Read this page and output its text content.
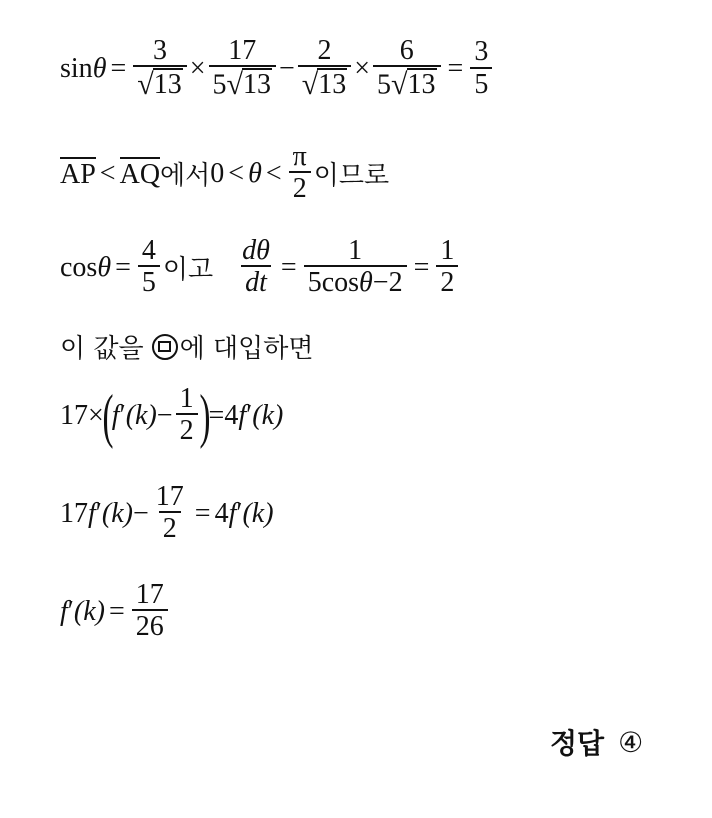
$\sin \theta = \frac{3}{√ 13} \times \frac{17}{5 √ 13} - \frac{2}{√ 13} \times \frac{6}{5 √ 13} = \frac{3}{5}$
AP < AQ 에서 $0 < \theta < \frac{\pi}{2}$ 이므로
$\cos \theta = \frac{4}{5}$ 이고 $\frac{d\theta}{dt} = \frac{1}{5\cos\theta-2} = \frac{1}{2}$
이 값을 에 대입하면
17 ×
(
f ′ $(k) - \frac{1}{2}$ )
= 4 f ′ (k)
17 f ′ $(k) - \frac{17}{2} = 4$ f ′ (k)
f ′ $(k) = \frac{17}{26}$
정답 ④
